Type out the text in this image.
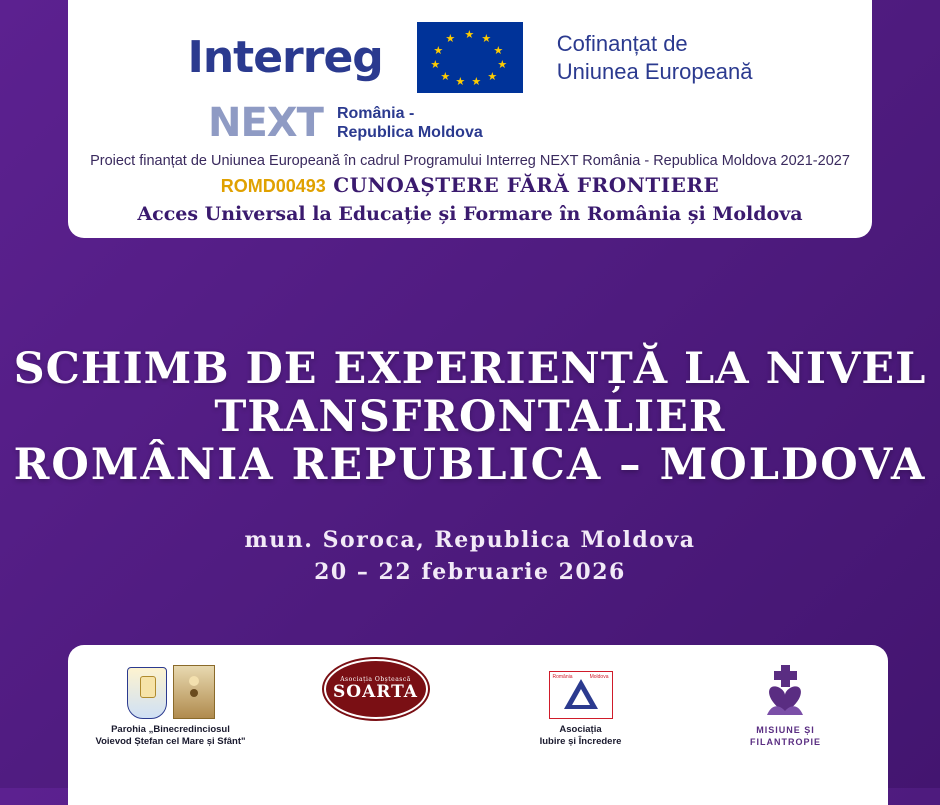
Interreg	★ ★
★
★
★
★
★
★
★
★
★	Cofinanțat de
Uniunea Europeană
NEXT România -
Republica Moldova
Proiect finanțat de Uniunea Europeană în cadrul Programului Interreg NEXT România - Republica Moldova 2021-2027
ROMD00493 CUNOAȘTERE FĂRĂ FRONTIERE
Acces Universal la Educație și Formare în România și Moldova
SCHIMB DE EXPERIENȚĂ LA NIVEL
TRANSFRONTALIER
ROMÂNIA REPUBLICA – MOLDOVA
mun. Soroca, Republica Moldova
20 – 22 februarie 2026
Parohia „Binecredinciosul
Voievod Ștefan cel Mare și Sfânt"
Asociația Obștească
SOARTA
România	Moldova
Asociația
Iubire și Încredere
MISIUNE ȘI
FILANTROPIE
